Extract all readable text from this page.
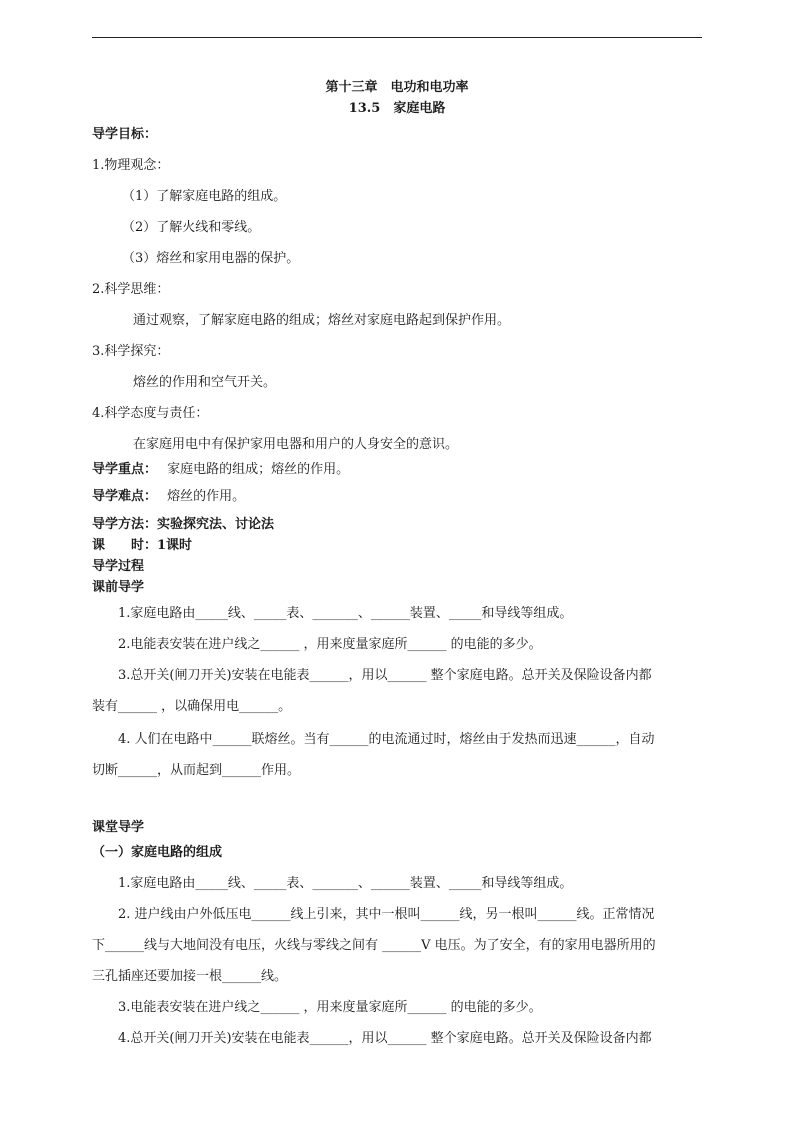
第十三章　电功和电功率
13.5　家庭电路
导学目标：
1.物理观念：
（1）了解家庭电路的组成。
（2）了解火线和零线。
（3）熔丝和家用电器的保护。
2.科学思维：
通过观察，了解家庭电路的组成；熔丝对家庭电路起到保护作用。
3.科学探究：
熔丝的作用和空气开关。
4.科学态度与责任：
在家庭用电中有保护家用电器和用户的人身安全的意识。
导学重点： 家庭电路的组成；熔丝的作用。
导学难点： 熔丝的作用。
导学方法：实验探究法、讨论法
课　　时：1课时
导学过程
课前导学
1.家庭电路由_____线、_____表、_______、______装置、_____和导线等组成。
2.电能表安装在进户线之______ ，用来度量家庭所______ 的电能的多少。
3.总开关(闸刀开关)安装在电能表______，用以______ 整个家庭电路。总开关及保险设备内都
装有______ ，以确保用电______。
4. 人们在电路中______联熔丝。当有______的电流通过时，熔丝由于发热而迅速______，自动
切断______，从而起到______作用。
课堂导学
（一）家庭电路的组成
1.家庭电路由_____线、_____表、_______、______装置、_____和导线等组成。
2. 进户线由户外低压电______线上引来，其中一根叫______线，另一根叫______线。正常情况
下______线与大地间没有电压，火线与零线之间有 ______V 电压。为了安全，有的家用电器所用的
三孔插座还要加接一根______线。
3.电能表安装在进户线之______ ，用来度量家庭所______ 的电能的多少。
4.总开关(闸刀开关)安装在电能表______，用以______ 整个家庭电路。总开关及保险设备内都
